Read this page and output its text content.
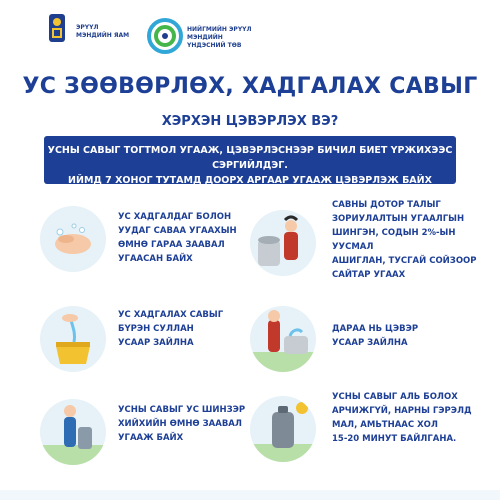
ЭРҮҮЛ
МЭНДИЙН ЯАМ
НИЙГМИЙН ЭРҮҮЛ МЭНДИЙН
ҮНДЭСНИЙ ТӨВ
УС ЗӨӨВӨРЛӨХ, ХАДГАЛАХ САВЫГ
ХЭРХЭН ЦЭВЭРЛЭХ ВЭ?
УСНЫ САВЫГ ТОГТМОЛ УГААЖ, ЦЭВЭРЛЭСНЭЭР БИЧИЛ БИЕТ ҮРЖИХЭЭС СЭРГИЙЛДЭГ.
ИЙМД 7 ХОНОГ ТУТАМД ДООРХ АРГААР УГААЖ ЦЭВЭРЛЭЖ БАЙХ ХЭРЭГТЭЙ
УС ХАДГАЛДАГ БОЛОН
УУДАГ САВАА УГААХЫН
ӨМНӨ ГАРАА ЗААВАЛ
УГААСАН БАЙХ
УС ХАДГАЛАХ САВЫГ
БҮРЭН СУЛЛАН
УСААР ЗАЙЛНА
УСНЫ САВЫГ УС ШИНЗЭР
ХИЙХИЙН ӨМНӨ ЗААВАЛ
УГААЖ БАЙХ
САВНЫ ДОТОР ТАЛЫГ
ЗОРИУЛАЛТЫН УГААЛГЫН
ШИНГЭН, СОДЫН 2%-ЫН УУСМАЛ
АШИГЛАН, ТУСГАЙ СОЙЗООР
САЙТАР УГААХ
ДАРАА НЬ ЦЭВЭР
УСААР ЗАЙЛНА
УСНЫ САВЫГ АЛЬ БОЛОХ
АРЧИЖГҮЙ, НАРНЫ ГЭРЭЛД
МАЛ, АМЬТНААС ХОЛ
15-20 МИНУТ БАЙЛГАНА.
